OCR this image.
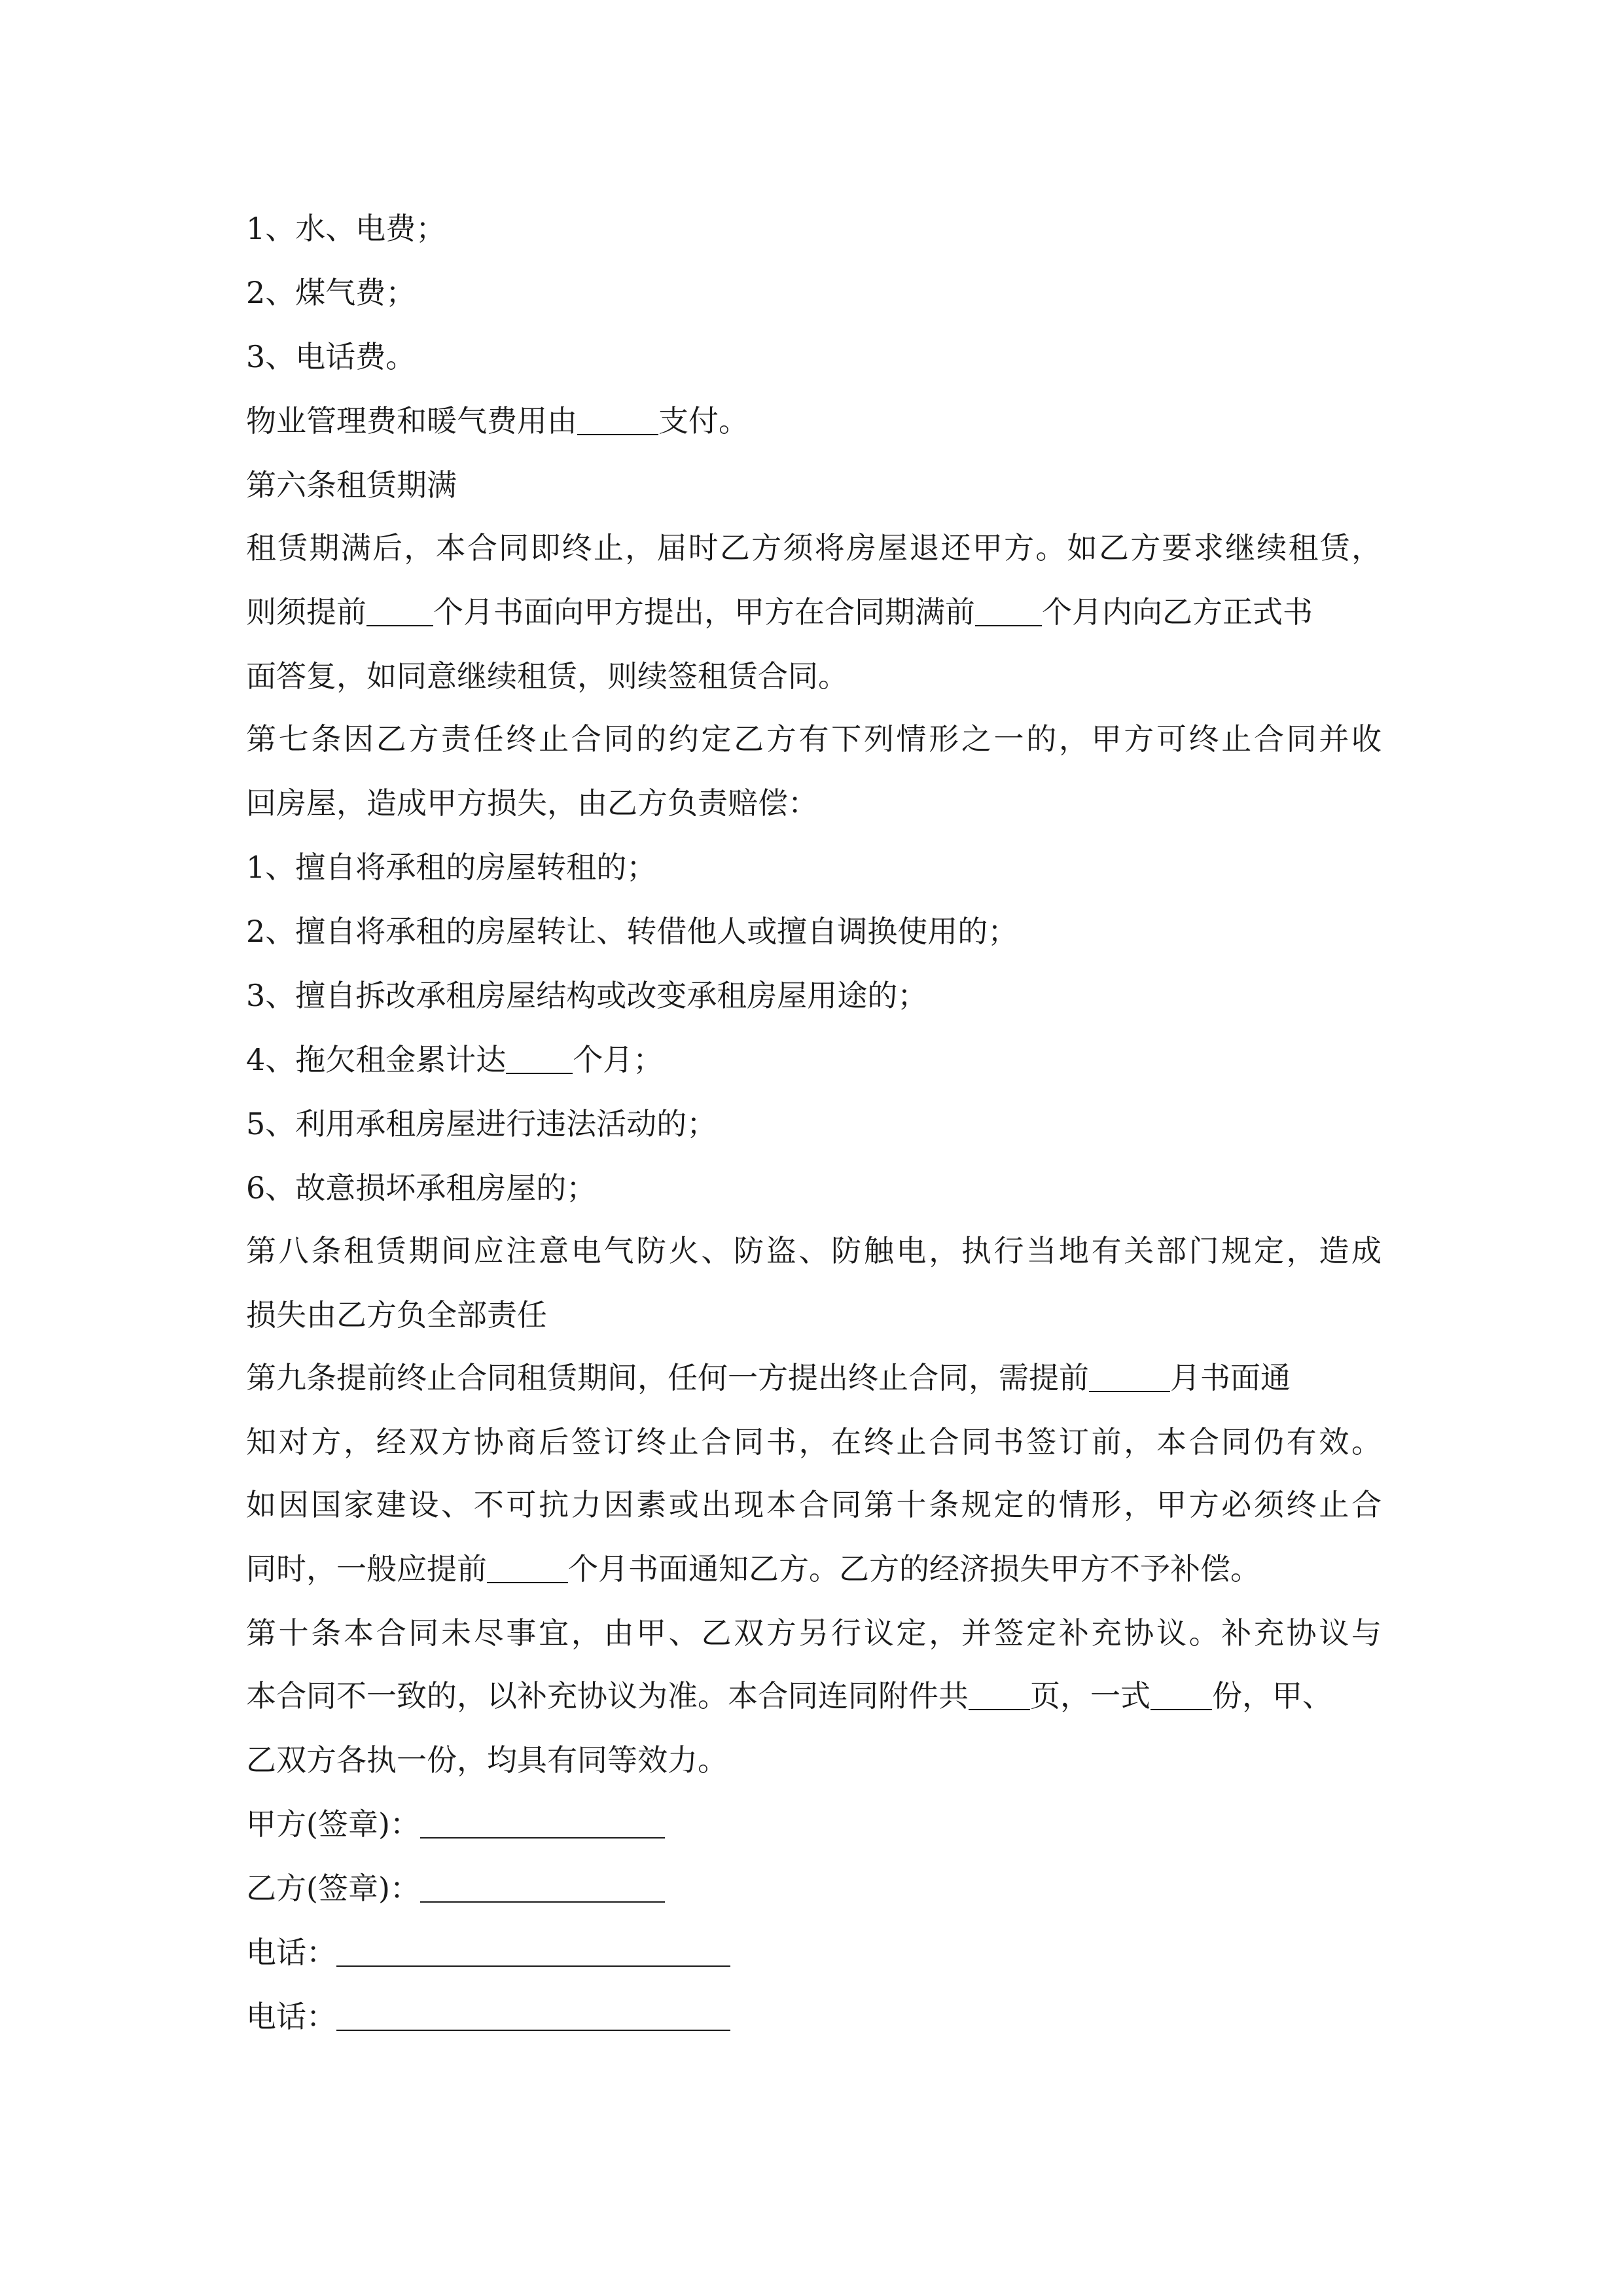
1、水、电费；
2、煤气费；
3、电话费。
物业管理费和暖气费用由	支付。
第六条租赁期满
租赁期满后，本合同即终止，届时乙方须将房屋退还甲方。如乙方要求继续租赁，
则须提前 个月书面向甲方提出，甲方在合同期满前 个月内向乙方正式书
面答复，如同意继续租赁，则续签租赁合同。
第七条因乙方责任终止合同的约定乙方有下列情形之一的，甲方可终止合同并收
回房屋，造成甲方损失，由乙方负责赔偿：
1、擅自将承租的房屋转租的；
2、擅自将承租的房屋转让、转借他人或擅自调换使用的；
3、擅自拆改承租房屋结构或改变承租房屋用途的；
4、拖欠租金累计达 个月；
5、利用承租房屋进行违法活动的；
6、故意损坏承租房屋的；
第八条租赁期间应注意电气防火、防盗、防触电，执行当地有关部门规定，造成
损失由乙方负全部责任
第九条提前终止合同租赁期间，任何一方提出终止合同，需提前	月书面通
知对方，经双方协商后签订终止合同书，在终止合同书签订前，本合同仍有效。
如因国家建设、不可抗力因素或出现本合同第十条规定的情形，甲方必须终止合
同时，一般应提前	个月书面通知乙方。乙方的经济损失甲方不予补偿。
第十条本合同未尽事宜，由甲、乙双方另行议定，并签定补充协议。补充协议与
本合同不一致的，以补充协议为准。本合同连同附件共 页，一式 份，甲、
乙双方各执一份，均具有同等效力。
甲方(签章)：
乙方(签章)：
电话：
电话：
